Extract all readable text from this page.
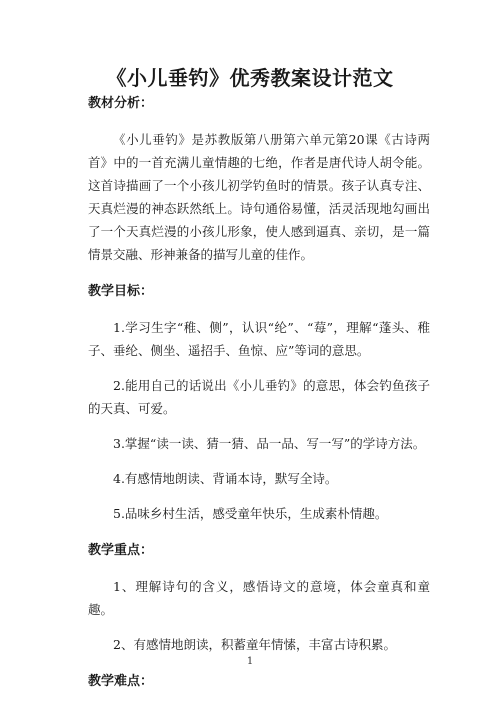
《小儿垂钓》优秀教案设计范文
教材分析：

《小儿垂钓》是苏教版第八册第六单元第20课《古诗两首》中的一首充满儿童情趣的七绝，作者是唐代诗人胡令能。这首诗描画了一个小孩儿初学钓鱼时的情景。孩子认真专注、天真烂漫的神态跃然纸上。诗句通俗易懂，活灵活现地勾画出了一个天真烂漫的小孩儿形象，使人感到逼真、亲切，是一篇情景交融、形神兼备的描写儿童的佳作。

教学目标：

1.学习生字“稚、侧”，认识“纶”、“莓”，理解“蓬头、稚子、垂纶、侧坐、遥招手、鱼惊、应”等词的意思。

2.能用自己的话说出《小儿垂钓》的意思，体会钓鱼孩子的天真、可爱。

3.掌握“读一读、猜一猜、品一品、写一写”的学诗方法。

4.有感情地朗读、背诵本诗，默写全诗。

5.品味乡村生活，感受童年快乐，生成素朴情趣。

教学重点：

1、理解诗句的含义，感悟诗文的意境，体会童真和童趣。

2、有感情地朗读，积蓄童年情愫，丰富古诗积累。

教学难点：
1
